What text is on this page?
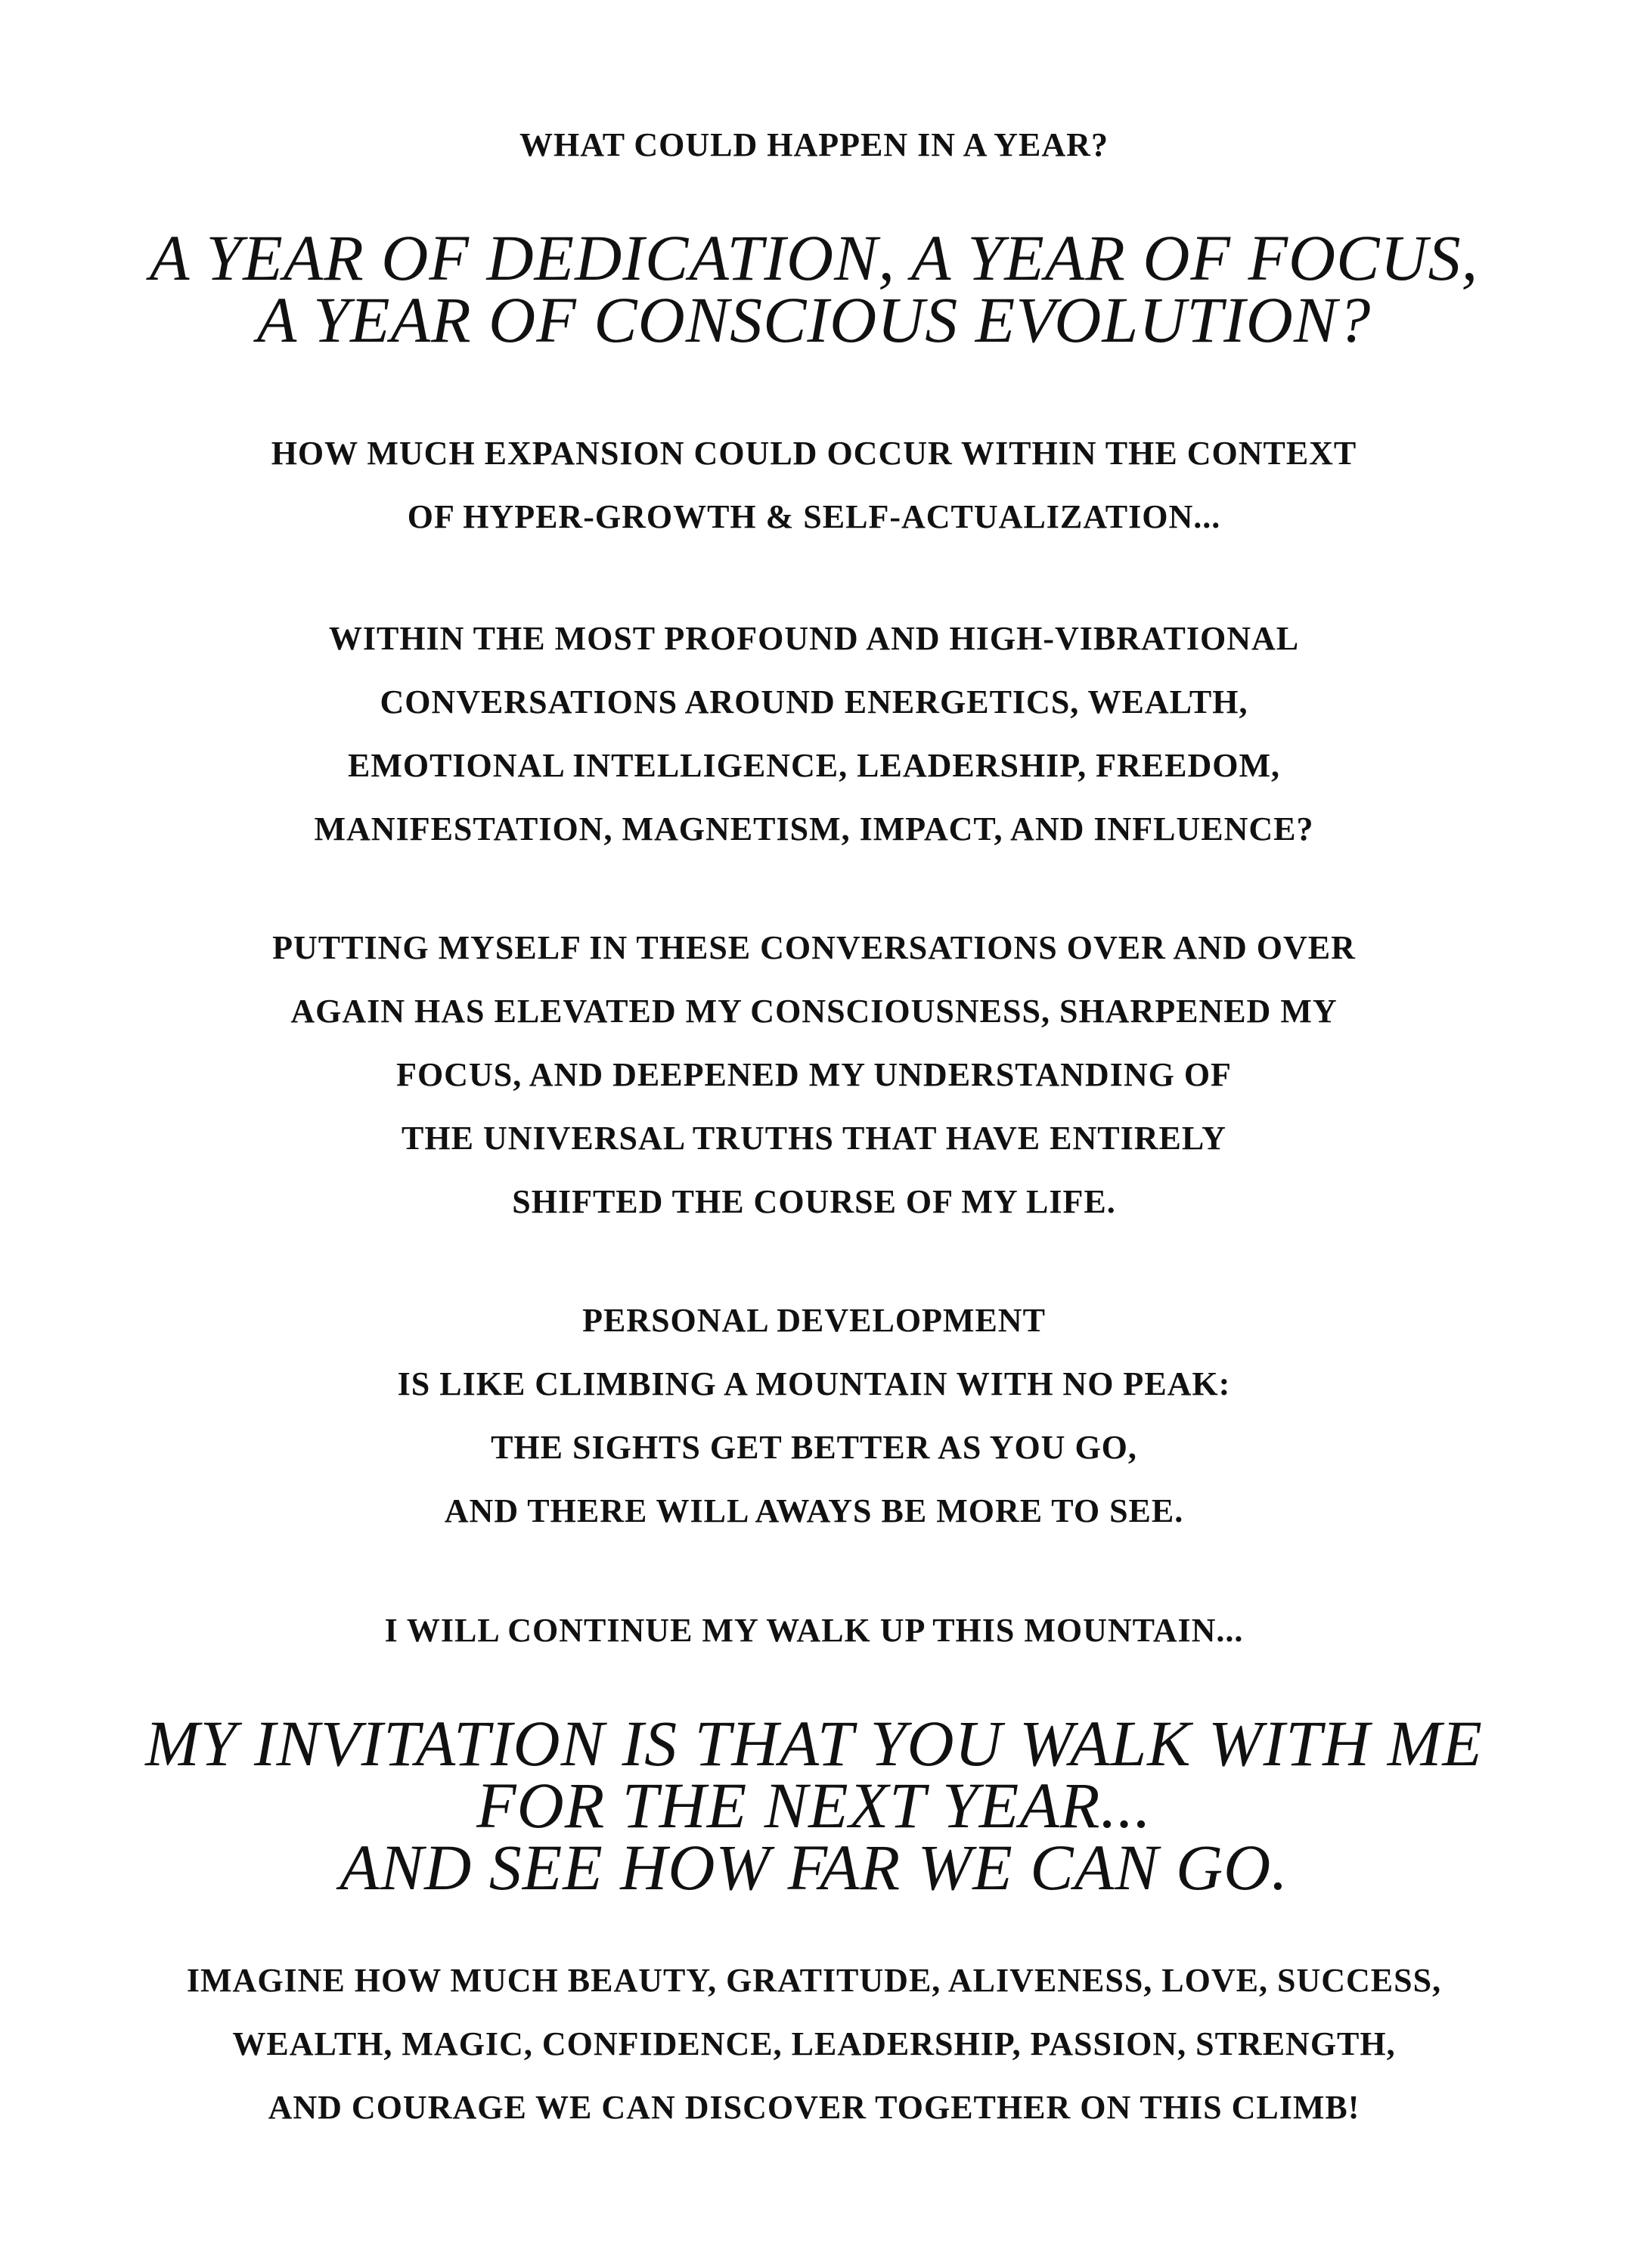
WHAT COULD HAPPEN IN A YEAR?
A YEAR OF DEDICATION, A YEAR OF FOCUS,
A YEAR OF CONSCIOUS EVOLUTION?

HOW MUCH EXPANSION COULD OCCUR WITHIN THE CONTEXT
OF HYPER-GROWTH & SELF-ACTUALIZATION...

WITHIN THE MOST PROFOUND AND HIGH-VIBRATIONAL
CONVERSATIONS AROUND ENERGETICS, WEALTH,
EMOTIONAL INTELLIGENCE, LEADERSHIP, FREEDOM,
MANIFESTATION, MAGNETISM, IMPACT, AND INFLUENCE?

PUTTING MYSELF IN THESE CONVERSATIONS OVER AND OVER
AGAIN HAS ELEVATED MY CONSCIOUSNESS, SHARPENED MY
FOCUS, AND DEEPENED MY UNDERSTANDING OF
THE UNIVERSAL TRUTHS THAT HAVE ENTIRELY
SHIFTED THE COURSE OF MY LIFE.

PERSONAL DEVELOPMENT
IS LIKE CLIMBING A MOUNTAIN WITH NO PEAK:
THE SIGHTS GET BETTER AS YOU GO,
AND THERE WILL AWAYS BE MORE TO SEE.

I WILL CONTINUE MY WALK UP THIS MOUNTAIN...

MY INVITATION IS THAT YOU WALK WITH ME
FOR THE NEXT YEAR...
AND SEE HOW FAR WE CAN GO.

IMAGINE HOW MUCH BEAUTY, GRATITUDE, ALIVENESS, LOVE, SUCCESS,
WEALTH, MAGIC, CONFIDENCE, LEADERSHIP, PASSION, STRENGTH,
AND COURAGE WE CAN DISCOVER TOGETHER ON THIS CLIMB!
